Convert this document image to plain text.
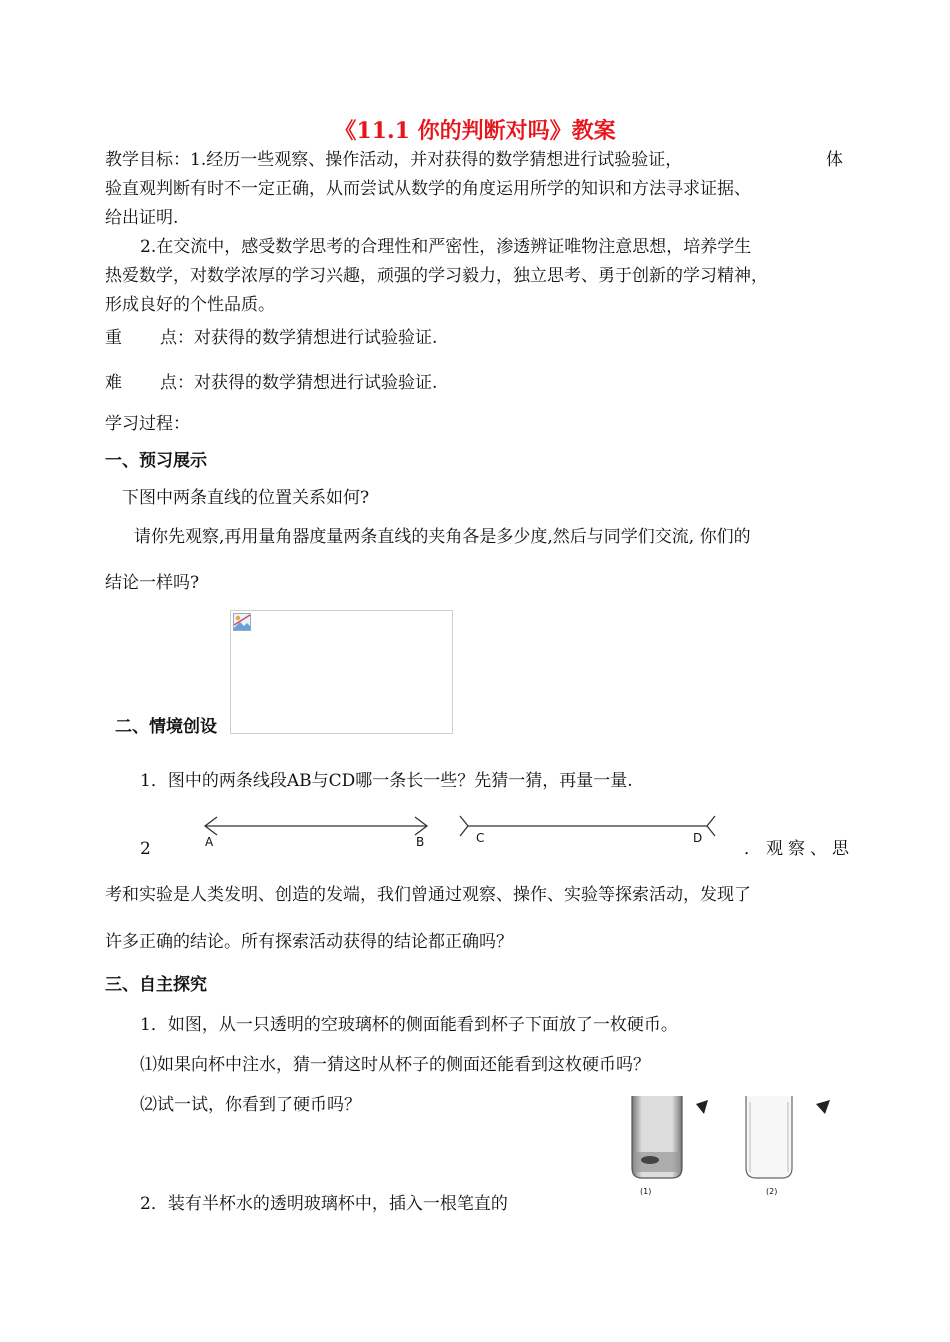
《11.1 你的判断对吗》教案
教学目标：1.经历一些观察、操作活动，并对获得的数学猜想进行试验验证，	体
验直观判断有时不一定正确，从而尝试从数学的角度运用所学的知识和方法寻求证据、
给出证明.
2.在交流中，感受数学思考的合理性和严密性，渗透辨证唯物注意思想，培养学生
热爱数学，对数学浓厚的学习兴趣，顽强的学习毅力，独立思考、勇于创新的学习精神，
形成良好的个性品质。
重 点：对获得的数学猜想进行试验验证.
难 点：对获得的数学猜想进行试验验证.
学习过程：
一、预习展示
下图中两条直线的位置关系如何?
请你先观察,再用量角器度量两条直线的夹角各是多少度,然后与同学们交流, 你们的
结论一样吗?
二、情境创设
1．图中的两条线段AB与CD哪一条长一些？先猜一猜，再量一量.
2	A	B	C	D
．观察、思
考和实验是人类发明、创造的发端，我们曾通过观察、操作、实验等探索活动，发现了
许多正确的结论。所有探索活动获得的结论都正确吗？
三、自主探究
1．如图，从一只透明的空玻璃杯的侧面能看到杯子下面放了一枚硬币。
⑴如果向杯中注水，猜一猜这时从杯子的侧面还能看到这枚硬币吗？
⑵试一试，你看到了硬币吗？
2．装有半杯水的透明玻璃杯中，插入一根笔直的
(1)	(2)
